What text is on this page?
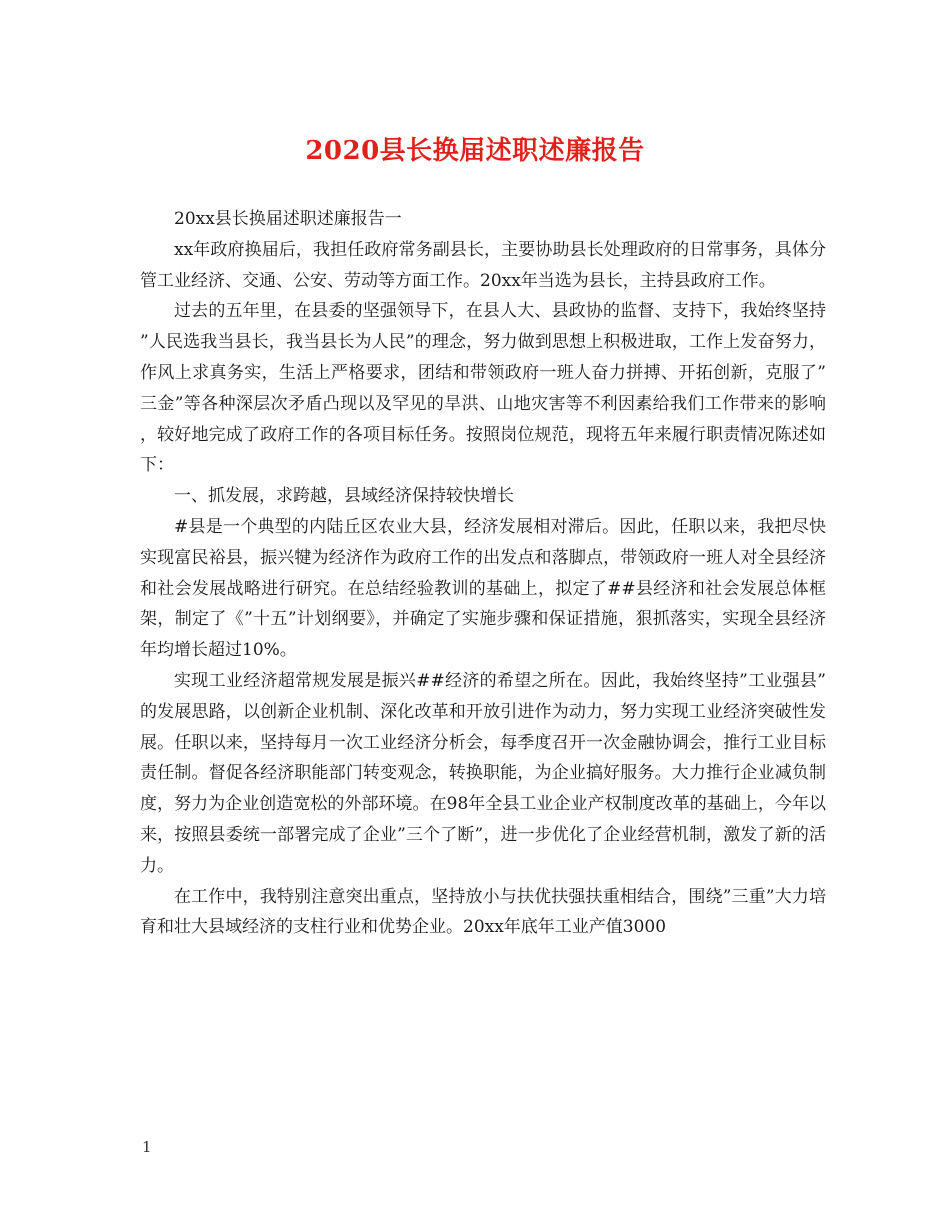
2020县长换届述职述廉报告

20xx县长换届述职述廉报告一

xx年政府换届后，我担任政府常务副县长，主要协助县长处理政府的日常事务，具体分管工业经济、交通、公安、劳动等方面工作。20xx年当选为县长，主持县政府工作。

过去的五年里，在县委的坚强领导下，在县人大、县政协的监督、支持下，我始终坚持”人民选我当县长，我当县长为人民”的理念，努力做到思想上积极进取，工作上发奋努力，作风上求真务实，生活上严格要求，团结和带领政府一班人奋力拼搏、开拓创新，克服了”三金”等各种深层次矛盾凸现以及罕见的旱洪、山地灾害等不利因素给我们工作带来的影响，较好地完成了政府工作的各项目标任务。按照岗位规范，现将五年来履行职责情况陈述如下：

一、抓发展，求跨越，县域经济保持较快增长

#县是一个典型的内陆丘区农业大县，经济发展相对滞后。因此，任职以来，我把尽快实现富民裕县，振兴犍为经济作为政府工作的出发点和落脚点，带领政府一班人对全县经济和社会发展战略进行研究。在总结经验教训的基础上，拟定了##县经济和社会发展总体框架，制定了《”十五”计划纲要》，并确定了实施步骤和保证措施，狠抓落实，实现全县经济年均增长超过10%。

实现工业经济超常规发展是振兴##经济的希望之所在。因此，我始终坚持”工业强县”的发展思路，以创新企业机制、深化改革和开放引进作为动力，努力实现工业经济突破性发展。任职以来，坚持每月一次工业经济分析会，每季度召开一次金融协调会，推行工业目标责任制。督促各经济职能部门转变观念，转换职能，为企业搞好服务。大力推行企业减负制度，努力为企业创造宽松的外部环境。在98年全县工业企业产权制度改革的基础上，今年以来，按照县委统一部署完成了企业”三个了断”，进一步优化了企业经营机制，激发了新的活力。

在工作中，我特别注意突出重点，坚持放小与扶优扶强扶重相结合，围绕”三重”大力培育和壮大县域经济的支柱行业和优势企业。20xx年底年工业产值3000

1
